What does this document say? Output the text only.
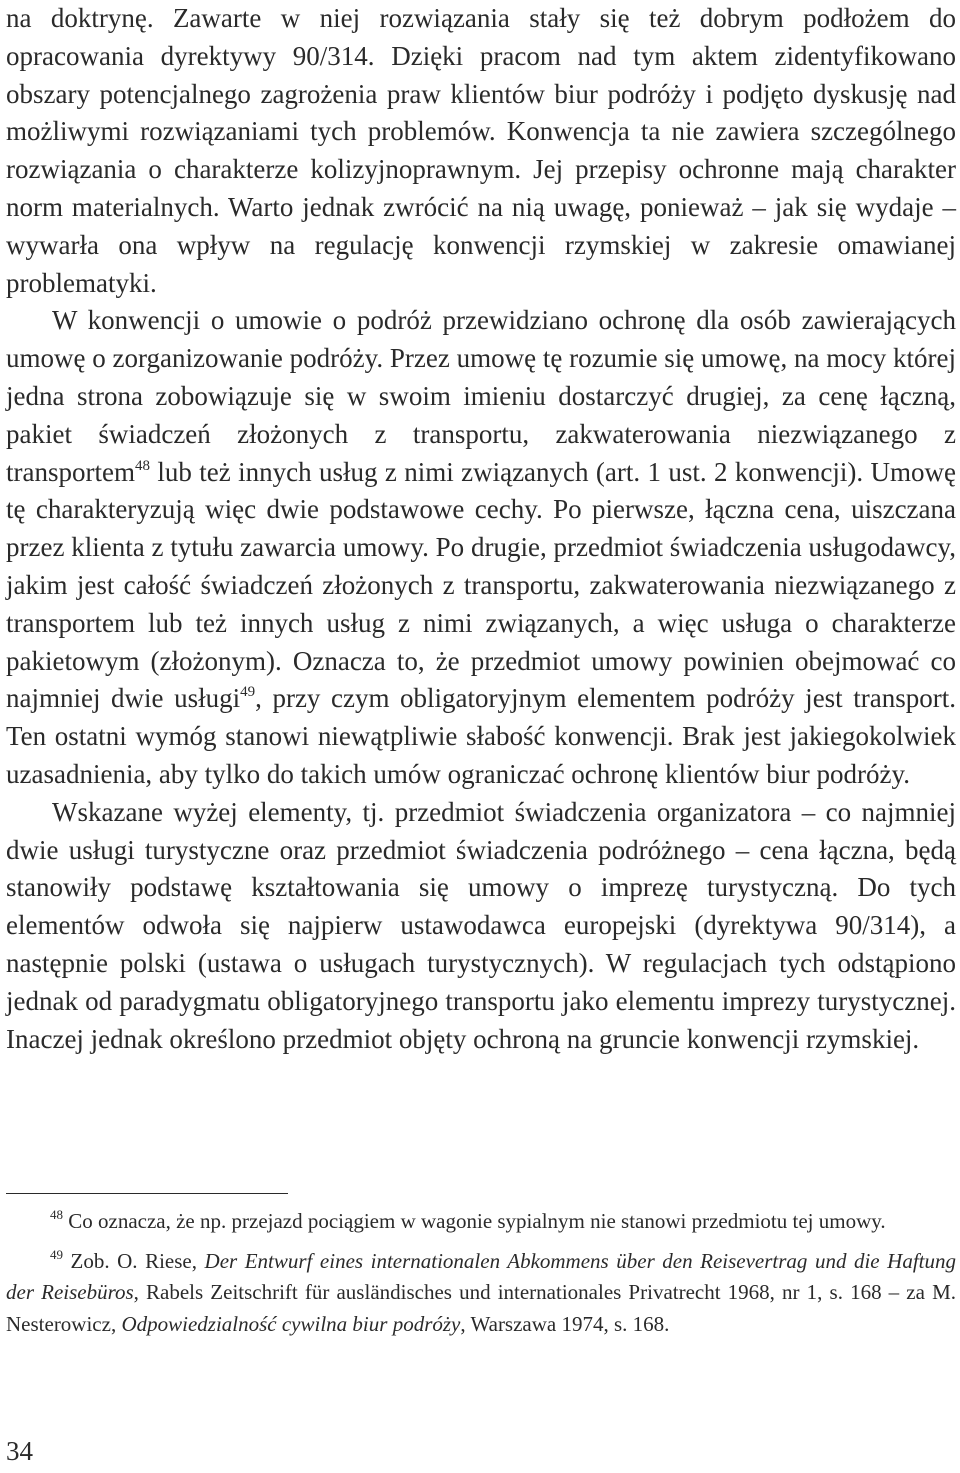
na doktrynę. Zawarte w niej rozwiązania stały się też dobrym podłożem do opracowania dyrektywy 90/314. Dzięki pracom nad tym aktem zidentyfikowano obszary potencjalnego zagrożenia praw klientów biur podróży i podjęto dyskusję nad możliwymi rozwiązaniami tych problemów. Konwencja ta nie zawiera szczególnego rozwiązania o charakterze kolizyjnoprawnym. Jej przepisy ochronne mają charakter norm materialnych. Warto jednak zwrócić na nią uwagę, ponieważ – jak się wydaje – wywarła ona wpływ na regulację konwencji rzymskiej w zakresie omawianej problematyki.

W konwencji o umowie o podróż przewidziano ochronę dla osób zawierających umowę o zorganizowanie podróży. Przez umowę tę rozumie się umowę, na mocy której jedna strona zobowiązuje się w swoim imieniu dostarczyć drugiej, za cenę łączną, pakiet świadczeń złożonych z transportu, zakwaterowania niezwiązanego z transportem$^{48}$ lub też innych usług z nimi związanych (art. 1 ust. 2 konwencji). Umowę tę charakteryzują więc dwie podstawowe cechy. Po pierwsze, łączna cena, uiszczana przez klienta z tytułu zawarcia umowy. Po drugie, przedmiot świadczenia usługodawcy, jakim jest całość świadczeń złożonych z transportu, zakwaterowania niezwiązanego z transportem lub też innych usług z nimi związanych, a więc usługa o charakterze pakietowym (złożonym). Oznacza to, że przedmiot umowy powinien obejmować co najmniej dwie usługi$^{49}$, przy czym obligatoryjnym elementem podróży jest transport. Ten ostatni wymóg stanowi niewątpliwie słabość konwencji. Brak jest jakiegokolwiek uzasadnienia, aby tylko do takich umów ograniczać ochronę klientów biur podróży.

Wskazane wyżej elementy, tj. przedmiot świadczenia organizatora – co najmniej dwie usługi turystyczne oraz przedmiot świadczenia podróżnego – cena łączna, będą stanowiły podstawę kształtowania się umowy o imprezę turystyczną. Do tych elementów odwoła się najpierw ustawodawca europejski (dyrektywa 90/314), a następnie polski (ustawa o usługach turystycznych). W regulacjach tych odstąpiono jednak od paradygmatu obligatoryjnego transportu jako elementu imprezy turystycznej. Inaczej jednak określono przedmiot objęty ochroną na gruncie konwencji rzymskiej.

$^{48}$ Co oznacza, że np. przejazd pociągiem w wagonie sypialnym nie stanowi przedmiotu tej umowy.

$^{49}$ Zob. O. Riese, Der Entwurf eines internationalen Abkommens über den Reisevertrag und die Haftung der Reisebüros, Rabels Zeitschrift für ausländisches und internationales Privatrecht 1968, nr 1, s. 168 – za M. Nesterowicz, Odpowiedzialność cywilna biur podróży, Warszawa 1974, s. 168.

34
